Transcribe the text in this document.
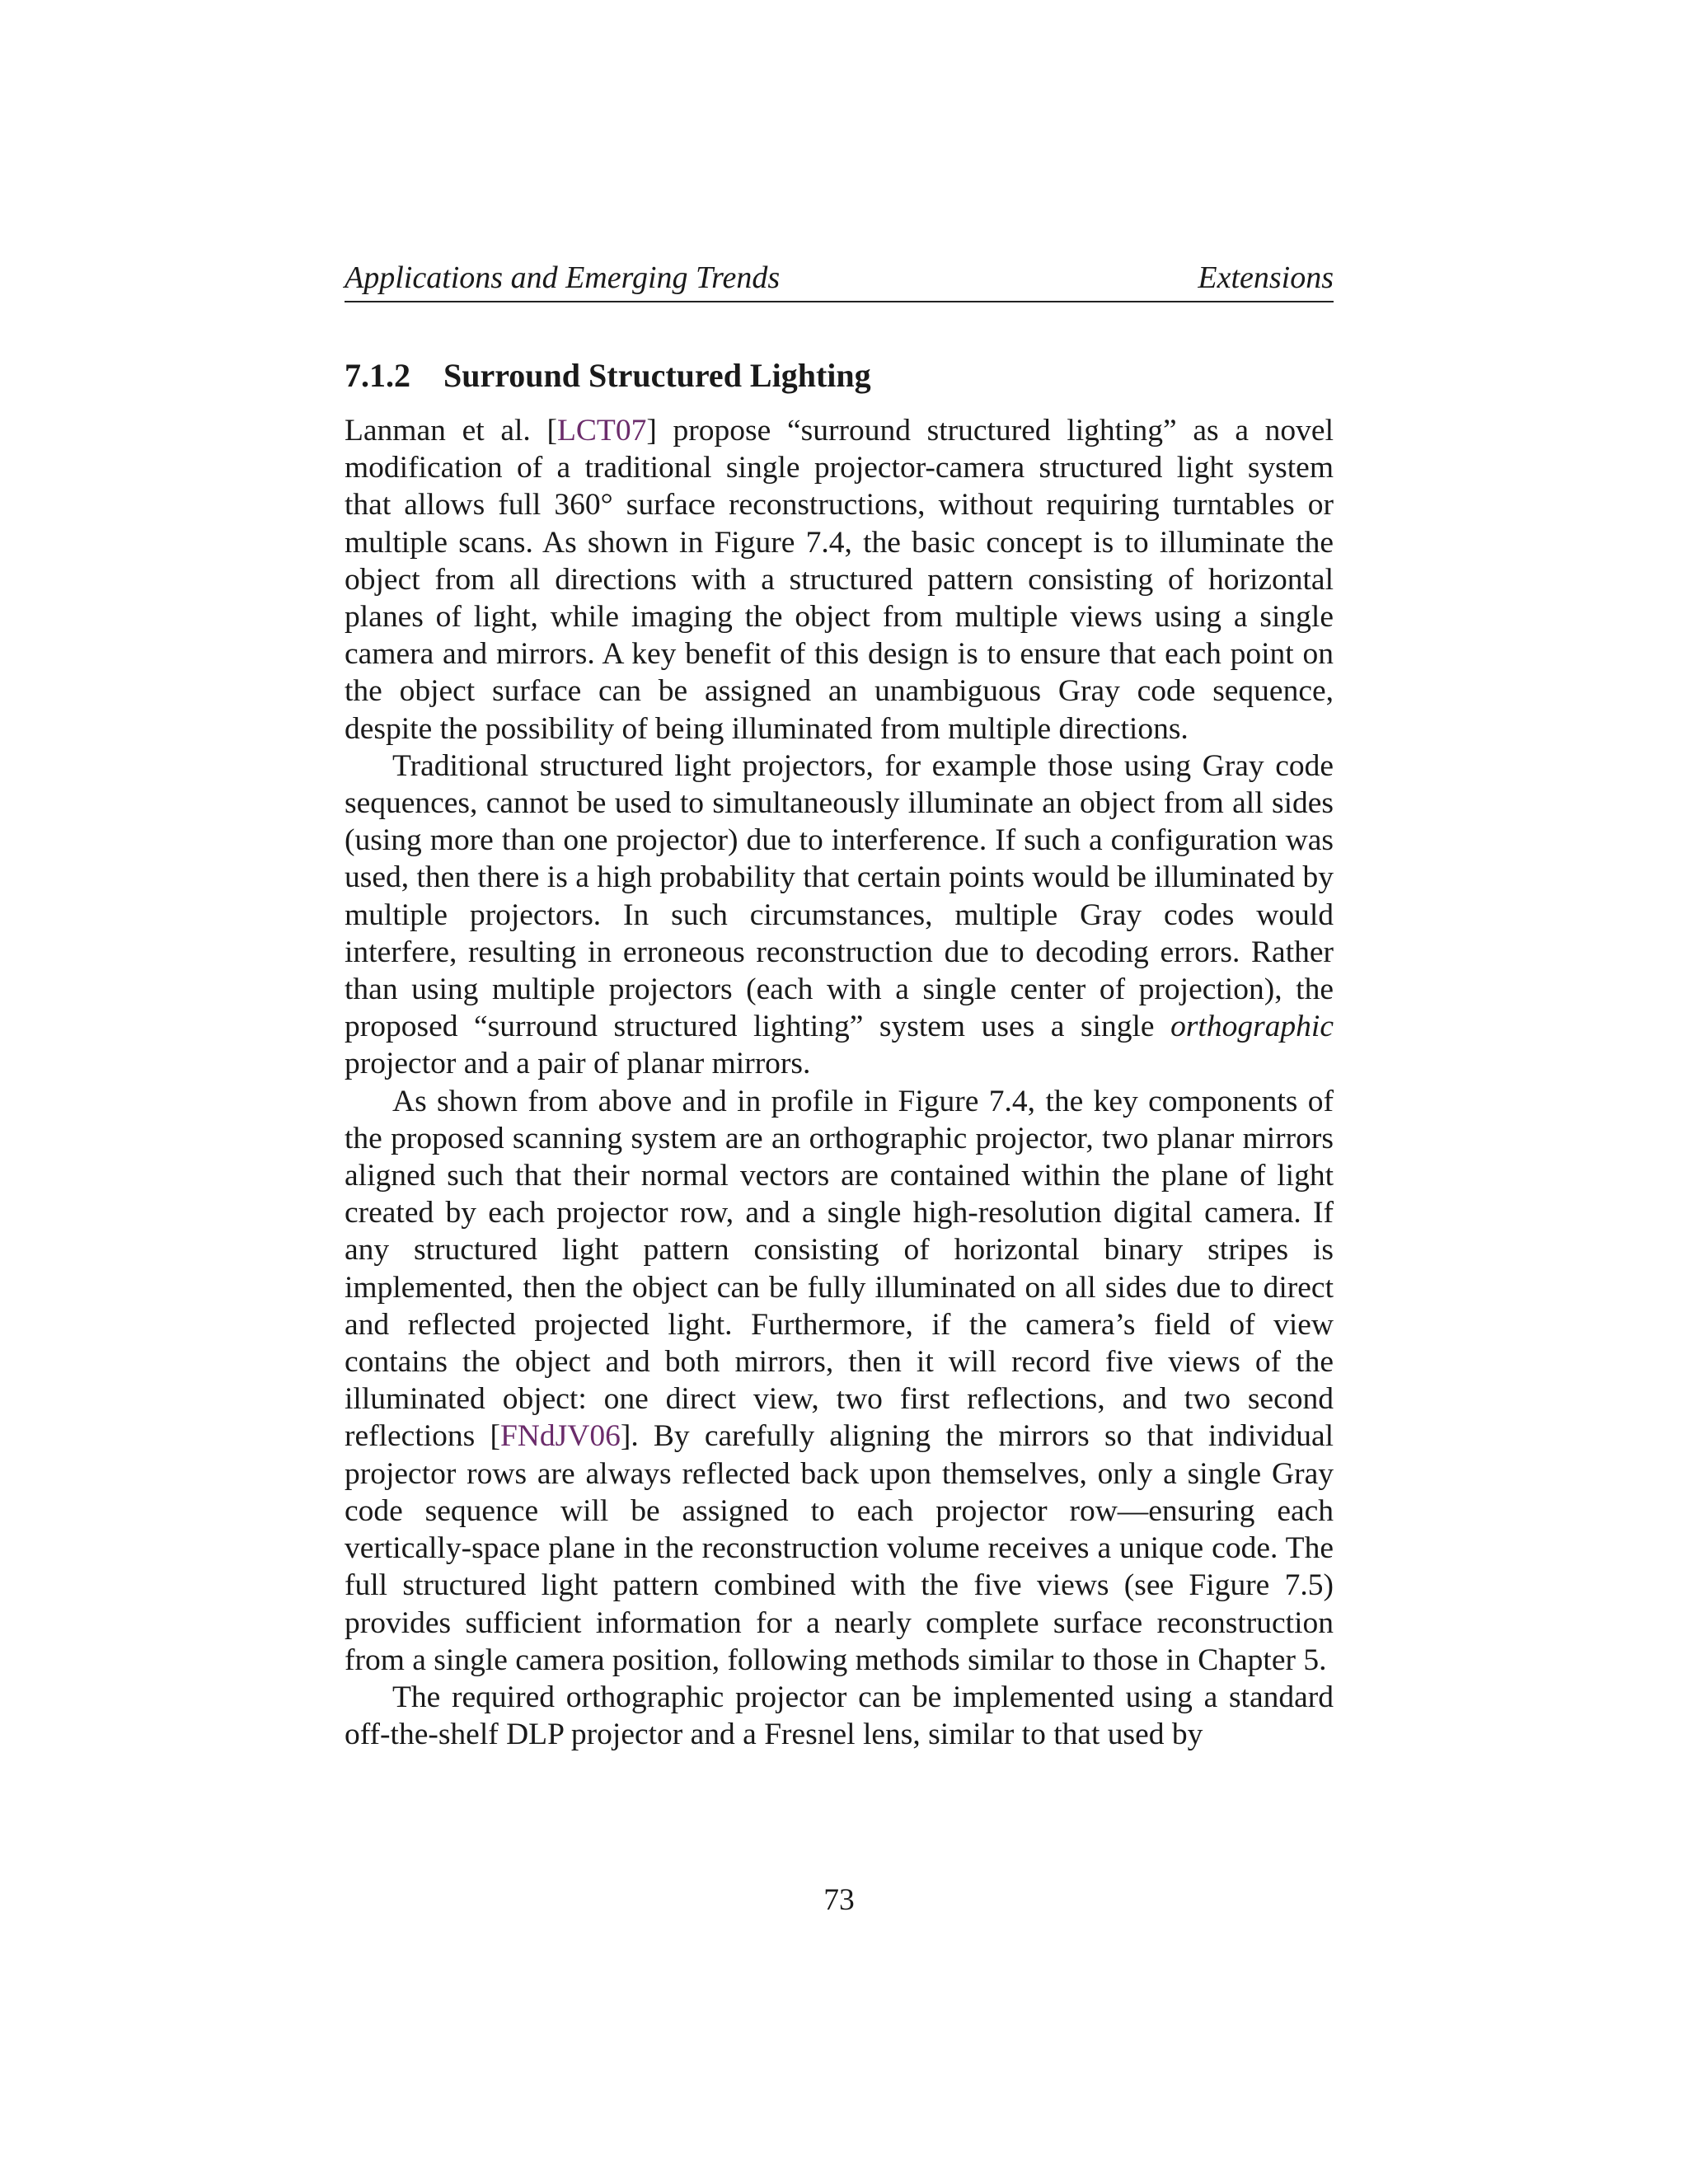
Applications and Emerging Trends	Extensions
7.1.2 Surround Structured Lighting

Lanman et al. [LCT07] propose “surround structured lighting” as a novel modification of a traditional single projector-camera structured light system that allows full 360° surface reconstructions, without requiring turntables or multiple scans. As shown in Figure 7.4, the basic concept is to illuminate the object from all directions with a structured pattern consisting of horizontal planes of light, while imaging the object from multiple views using a single camera and mirrors. A key benefit of this design is to ensure that each point on the object surface can be assigned an unambiguous Gray code sequence, despite the possibility of being illuminated from multiple directions.

Traditional structured light projectors, for example those using Gray code sequences, cannot be used to simultaneously illuminate an object from all sides (using more than one projector) due to interference. If such a configuration was used, then there is a high probability that certain points would be illuminated by multiple projectors. In such circumstances, multiple Gray codes would interfere, resulting in erroneous reconstruction due to decoding errors. Rather than using multiple projectors (each with a single center of projection), the proposed “surround structured lighting” system uses a single orthographic projector and a pair of planar mirrors.

As shown from above and in profile in Figure 7.4, the key components of the proposed scanning system are an orthographic projector, two planar mirrors aligned such that their normal vectors are contained within the plane of light created by each projector row, and a single high-resolution digital camera. If any structured light pattern consisting of horizontal binary stripes is implemented, then the object can be fully illuminated on all sides due to direct and reflected projected light. Furthermore, if the camera’s field of view contains the object and both mirrors, then it will record five views of the illuminated object: one direct view, two first reflections, and two second reflections [FNdJV06]. By carefully aligning the mirrors so that individual projector rows are always reflected back upon themselves, only a single Gray code sequence will be assigned to each projector row—ensuring each vertically-space plane in the reconstruction volume receives a unique code. The full structured light pattern combined with the five views (see Figure 7.5) provides sufficient information for a nearly complete surface reconstruction from a single camera position, following methods similar to those in Chapter 5.

The required orthographic projector can be implemented using a standard off-the-shelf DLP projector and a Fresnel lens, similar to that used by

73
